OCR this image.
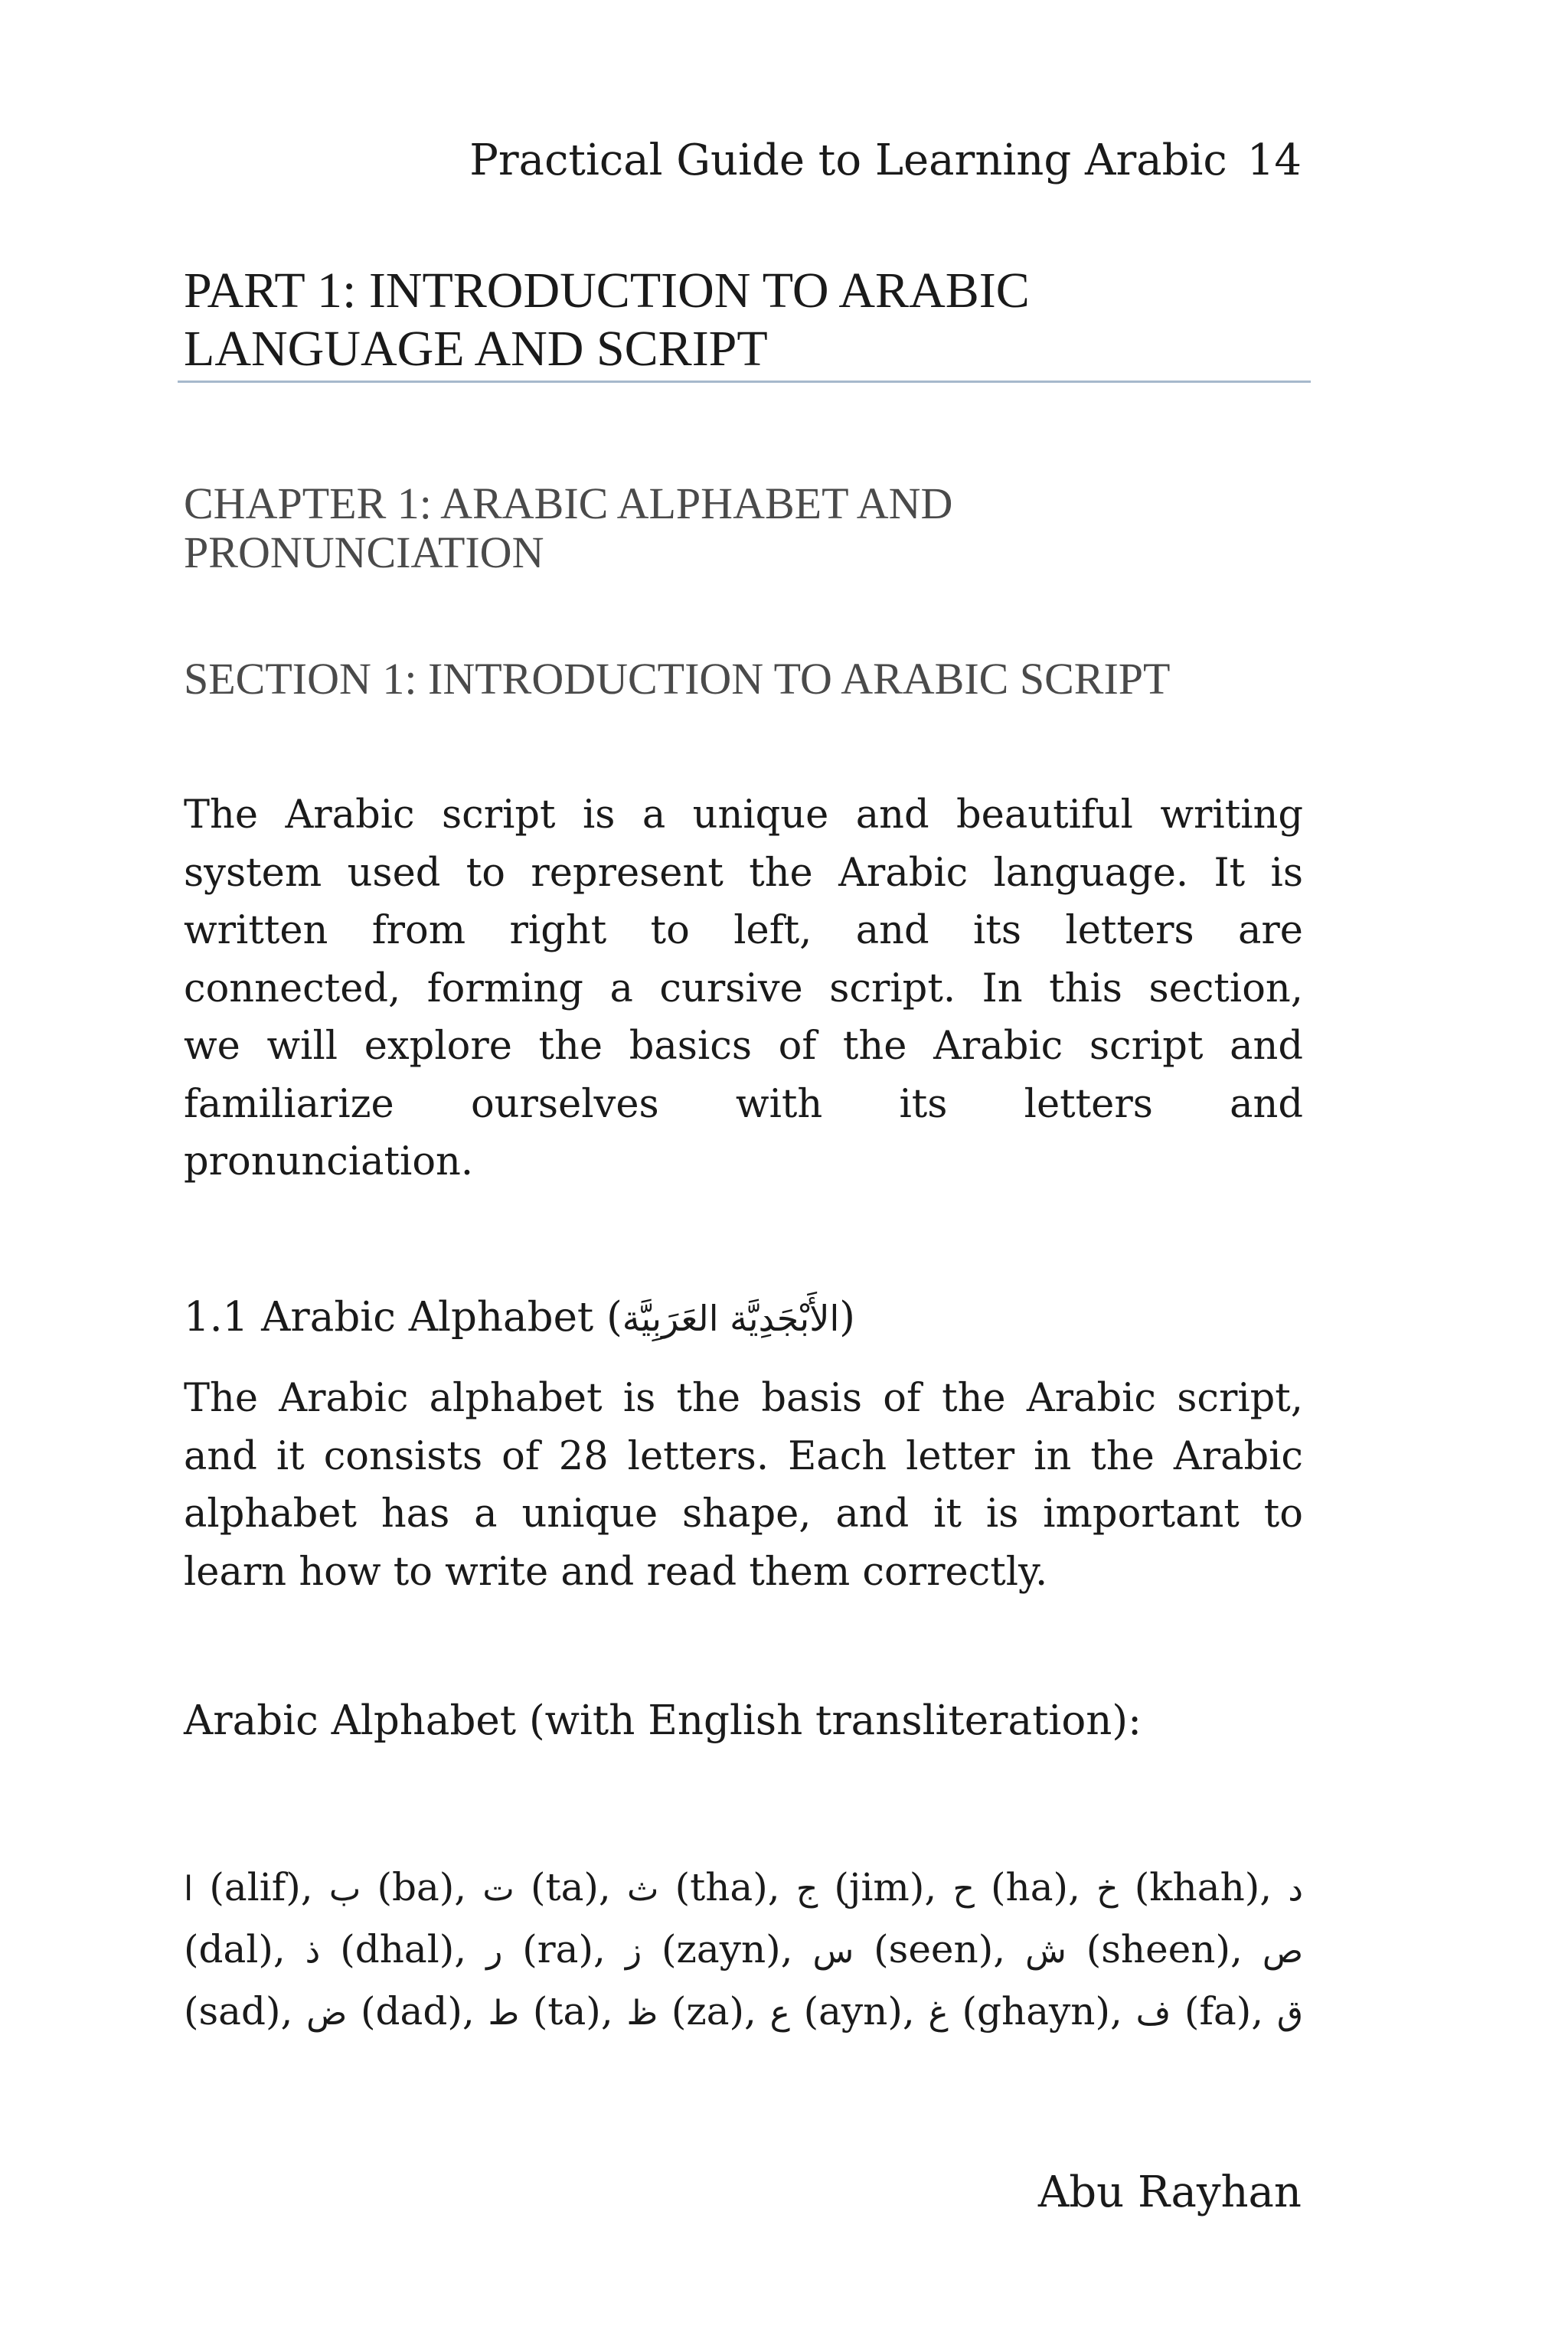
Practical Guide to Learning Arabic 14
PART 1: INTRODUCTION TO ARABIC
LANGUAGE AND SCRIPT
CHAPTER 1: ARABIC ALPHABET AND
PRONUNCIATION
SECTION 1: INTRODUCTION TO ARABIC SCRIPT
The Arabic script is a unique and beautiful writing
system used to represent the Arabic language. It is
written from right to left, and its letters are
connected, forming a cursive script. In this section,
we will explore the basics of the Arabic script and
familiarize ourselves with its letters and
pronunciation.
1.1 Arabic Alphabet (الأَبْجَدِيَّة العَرَبِيَّة)
The Arabic alphabet is the basis of the Arabic script,
and it consists of 28 letters. Each letter in the Arabic
alphabet has a unique shape, and it is important to
learn how to write and read them correctly.
Arabic Alphabet (with English transliteration):
ا (alif), ب (ba), ت (ta), ث (tha), ج (jim), ح (ha), خ (khah), د
(dal), ذ (dhal), ر (ra), ز (zayn), س (seen), ش (sheen), ص
(sad), ض (dad), ط (ta), ظ (za), ع (ayn), غ (ghayn), ف (fa), ق
Abu Rayhan
